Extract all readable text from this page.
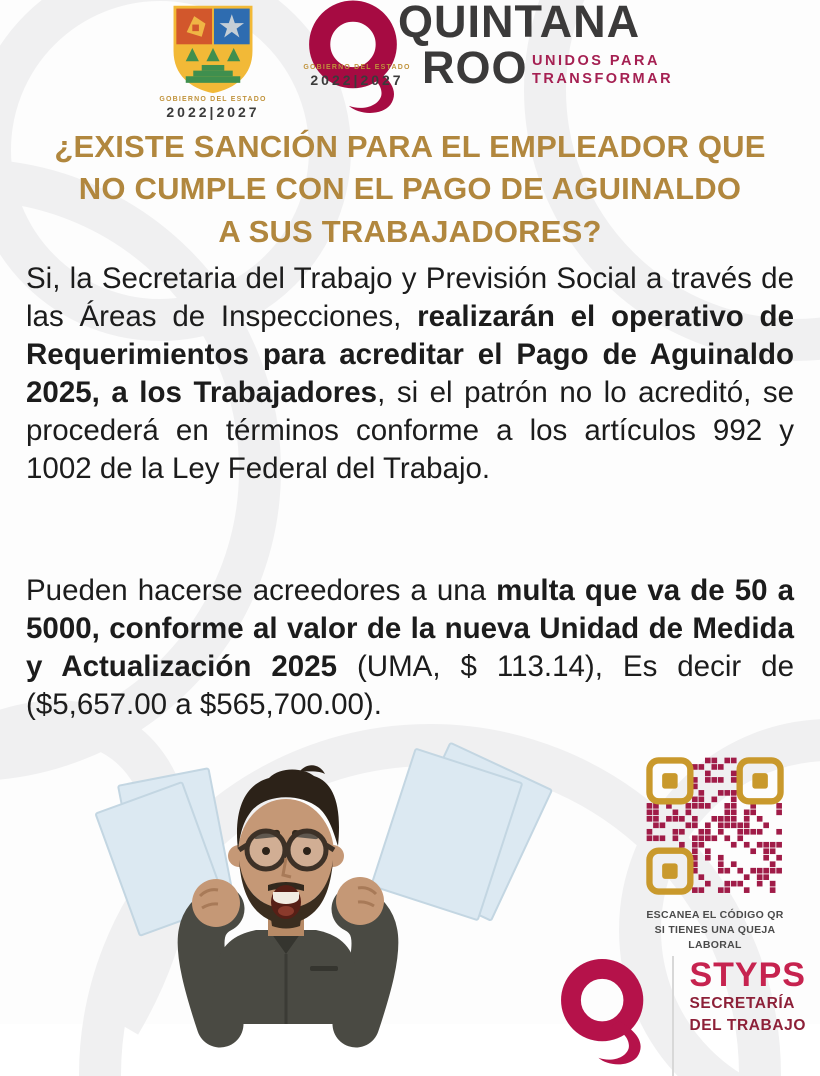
GOBIERNO DEL ESTADO
2022|2027
QUINTANA
ROO UNIDOS PARA
TRANSFORMAR
GOBIERNO DEL ESTADO
2022|2027
¿EXISTE SANCIÓN PARA EL EMPLEADOR QUE
NO CUMPLE CON EL PAGO DE AGUINALDO
A SUS TRABAJADORES?

Si, la Secretaria del Trabajo y Previsión Social a través de las Áreas de Inspecciones, realizarán el operativo de Requerimientos para acreditar el Pago de Aguinaldo 2025, a los Trabajadores, si el patrón no lo acreditó, se procederá en términos conforme a los artículos 992 y 1002 de la Ley Federal del Trabajo.

Pueden hacerse acreedores a una multa que va de 50 a 5000, conforme al valor de la nueva Unidad de Medida y Actualización 2025 (UMA, $ 113.14), Es decir de ($5,657.00 a $565,700.00).

ESCANEA EL CÓDIGO QR
SI TIENES UNA QUEJA
LABORAL
STYPS
SECRETARÍA
DEL TRABAJO
